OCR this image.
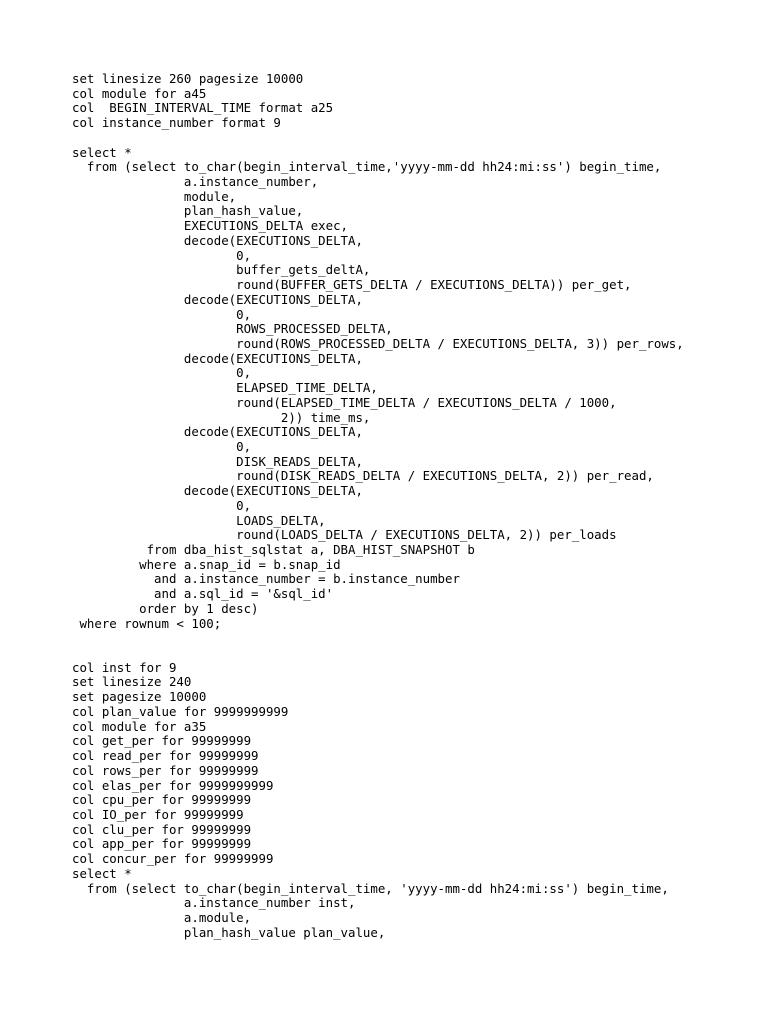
set linesize 260 pagesize 10000
col module for a45
col  BEGIN_INTERVAL_TIME format a25
col instance_number format 9
select *
from (select to_char(begin_interval_time,'yyyy-mm-dd hh24:mi:ss') begin_time,
a.instance_number,
module,
plan_hash_value,
EXECUTIONS_DELTA exec,
decode(EXECUTIONS_DELTA,
0,
buffer_gets_deltA,
round(BUFFER_GETS_DELTA / EXECUTIONS_DELTA)) per_get,
decode(EXECUTIONS_DELTA,
0,
ROWS_PROCESSED_DELTA,
round(ROWS_PROCESSED_DELTA / EXECUTIONS_DELTA, 3)) per_rows,
decode(EXECUTIONS_DELTA,
0,
ELAPSED_TIME_DELTA,
round(ELAPSED_TIME_DELTA / EXECUTIONS_DELTA / 1000,
2)) time_ms,
decode(EXECUTIONS_DELTA,
0,
DISK_READS_DELTA,
round(DISK_READS_DELTA / EXECUTIONS_DELTA, 2)) per_read,
decode(EXECUTIONS_DELTA,
0,
LOADS_DELTA,
round(LOADS_DELTA / EXECUTIONS_DELTA, 2)) per_loads
from dba_hist_sqlstat a, DBA_HIST_SNAPSHOT b
where a.snap_id = b.snap_id
and a.instance_number = b.instance_number
and a.sql_id = '&sql_id'
order by 1 desc)
where rownum < 100;
col inst for 9
set linesize 240
set pagesize 10000
col plan_value for 9999999999
col module for a35
col get_per for 99999999
col read_per for 99999999
col rows_per for 99999999
col elas_per for 9999999999
col cpu_per for 99999999
col IO_per for 99999999
col clu_per for 99999999
col app_per for 99999999
col concur_per for 99999999
select *
from (select to_char(begin_interval_time, 'yyyy-mm-dd hh24:mi:ss') begin_time,
a.instance_number inst,
a.module,
plan_hash_value plan_value,
